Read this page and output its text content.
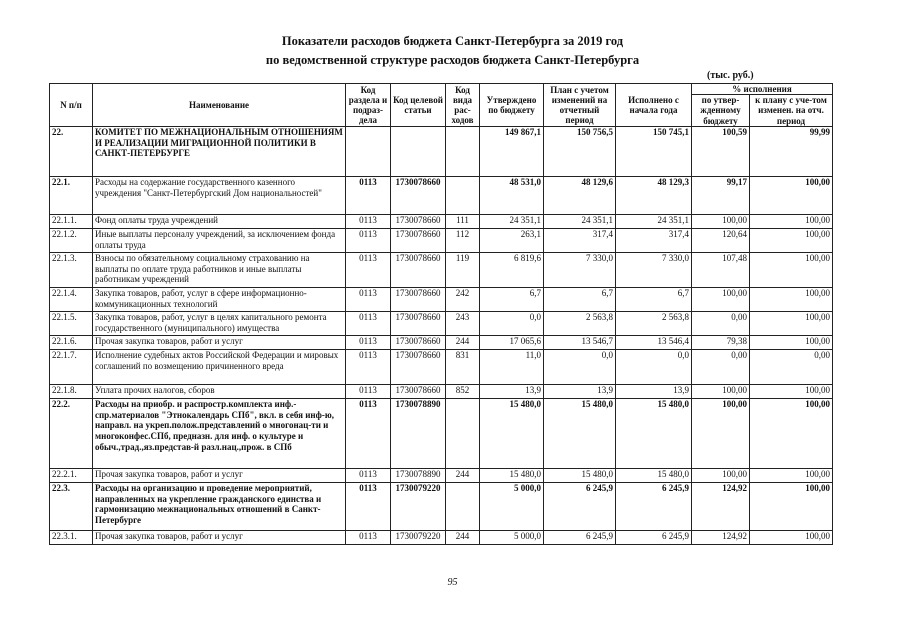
Показатели расходов бюджета Санкт-Петербурга за 2019 год

по ведомственной структуре расходов бюджета Санкт-Петербурга

(тыс. руб.)
N п/п	Наименование	Код раздела и подраз-дела	Код целевой статьи	Код вида рас-ходов	Утверждено по бюджету	План с учетом изменений на отчетный период	Исполнено с начала года	% исполнения	
								по утвер-жденному бюджету	к плану с уче-том изменен. на отч. период
22.	КОМИТЕТ ПО МЕЖНАЦИОНАЛЬНЫМ ОТНОШЕНИЯМ И РЕАЛИЗАЦИИ МИГРАЦИОННОЙ ПОЛИТИКИ В САНКТ-ПЕТЕРБУРГЕ				149 867,1	150 756,5	150 745,1	100,59	99,99
22.1.	Расходы на содержание государственного казенного учреждения "Санкт-Петербургский Дом национальностей"	0113	1730078660		48 531,0	48 129,6	48 129,3	99,17	100,00
22.1.1.	Фонд оплаты труда учреждений	0113	1730078660	111	24 351,1	24 351,1	24 351,1	100,00	100,00
22.1.2.	Иные выплаты персоналу учреждений, за исключением фонда оплаты труда	0113	1730078660	112	263,1	317,4	317,4	120,64	100,00
22.1.3.	Взносы по обязательному социальному страхованию на выплаты по оплате труда работников и иные выплаты работникам учреждений	0113	1730078660	119	6 819,6	7 330,0	7 330,0	107,48	100,00
22.1.4.	Закупка товаров, работ, услуг в сфере информационно-коммуникационных технологий	0113	1730078660	242	6,7	6,7	6,7	100,00	100,00
22.1.5.	Закупка товаров, работ, услуг в целях капитального ремонта государственного (муниципального) имущества	0113	1730078660	243	0,0	2 563,8	2 563,8	0,00	100,00
22.1.6.	Прочая закупка товаров, работ и услуг	0113	1730078660	244	17 065,6	13 546,7	13 546,4	79,38	100,00
22.1.7.	Исполнение судебных актов Российской Федерации и мировых соглашений по возмещению причиненного вреда	0113	1730078660	831	11,0	0,0	0,0	0,00	0,00
22.1.8.	Уплата прочих налогов, сборов	0113	1730078660	852	13,9	13,9	13,9	100,00	100,00
22.2.	Расходы на приобр. и распростр.комплекта инф.-спр.материалов "Этнокалендарь СПб", вкл. в себя инф-ю, направл. на укреп.полож.представлений о многонац-ти и многоконфес.СПб, предназн. для инф. о культуре и обыч.,трад.,яз.представ-й разл.нац.,прож. в СПб	0113	1730078890		15 480,0	15 480,0	15 480,0	100,00	100,00
22.2.1.	Прочая закупка товаров, работ и услуг	0113	1730078890	244	15 480,0	15 480,0	15 480,0	100,00	100,00
22.3.	Расходы на организацию и проведение мероприятий, направленных на укрепление гражданского единства и гармонизацию межнациональных отношений в Санкт-Петербурге	0113	1730079220		5 000,0	6 245,9	6 245,9	124,92	100,00
22.3.1.	Прочая закупка товаров, работ и услуг	0113	1730079220	244	5 000,0	6 245,9	6 245,9	124,92	100,00
95
